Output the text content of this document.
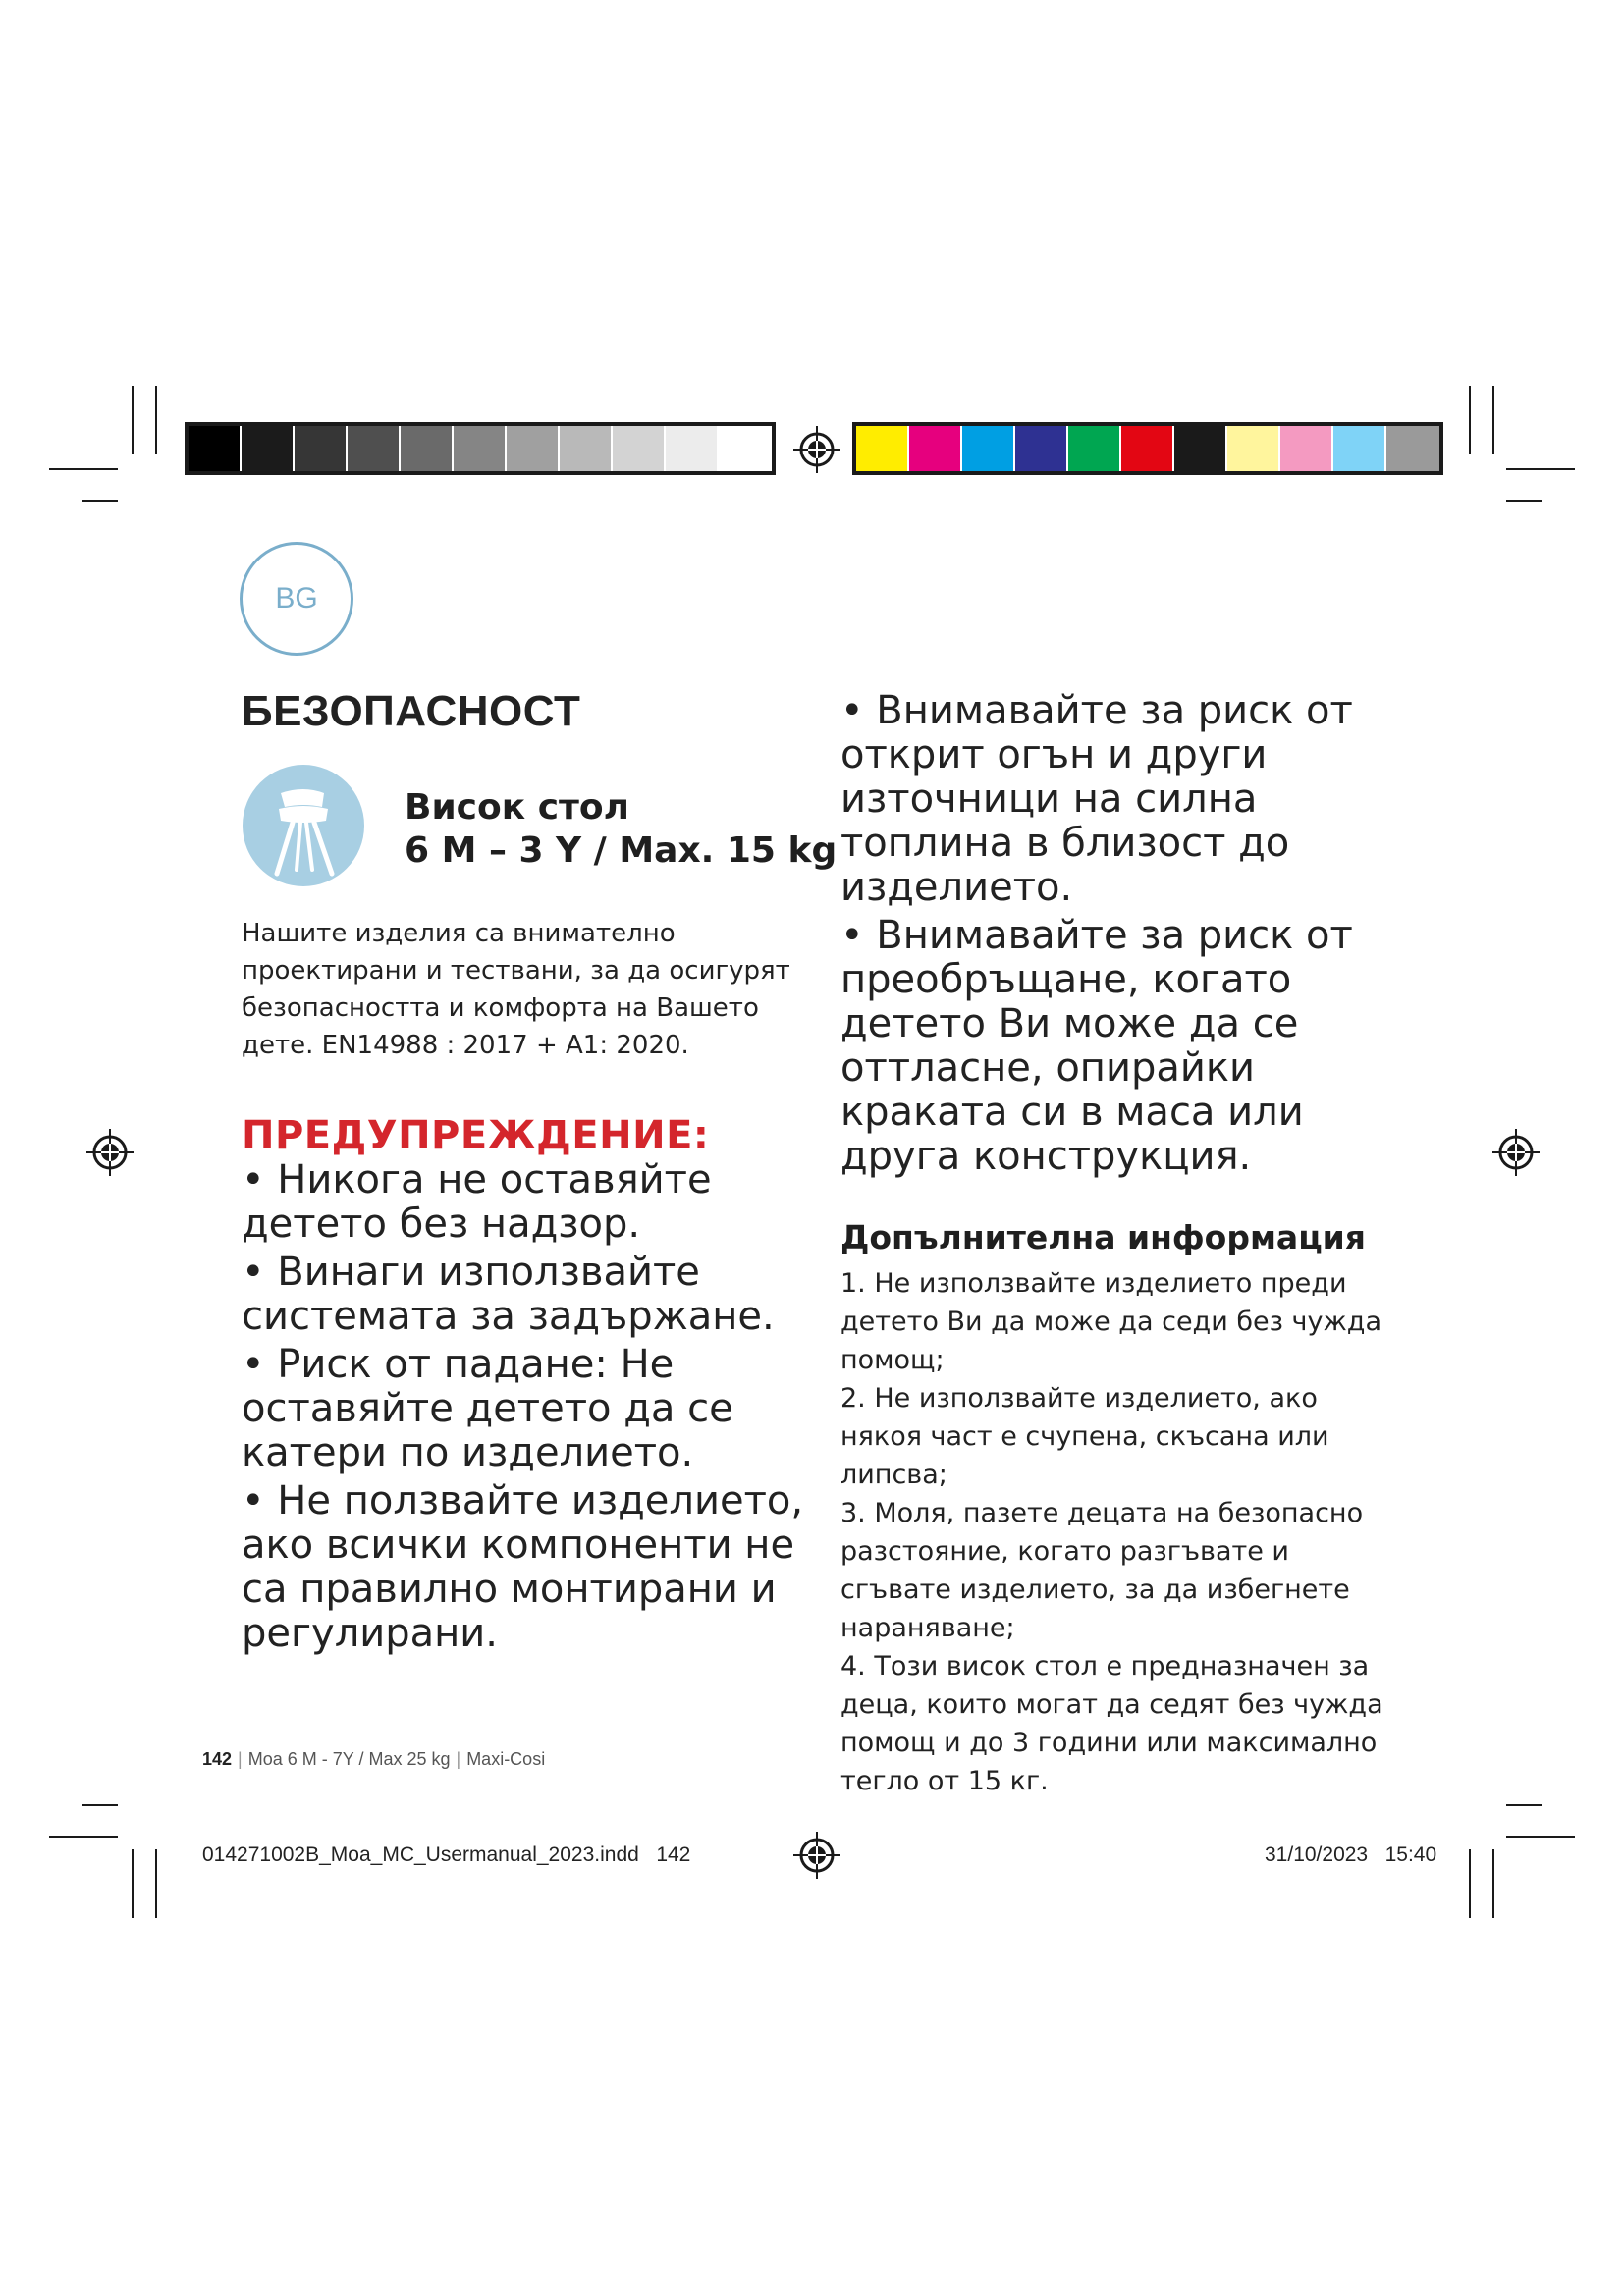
BG
БЕЗОПАСНОСТ
Висок стол
6 M – 3 Y / Max. 15 kg

Нашите изделия са внимателно проектирани и тествани, за да осигурят безопасността и комфорта на Вашето дете. EN14988 : 2017 + A1: 2020.

ПРЕДУПРЕЖДЕНИЕ:
• Никога не оставяйте детето без надзор.
• Винаги използвайте системата за задържане.
• Риск от падане: Не оставяйте детето да се катери по изделието.
• Не ползвайте изделието, ако всички компоненти не са правилно монтирани и регулирани.
• Внимавайте за риск от открит огън и други източници на силна топлина в близост до изделието.
• Внимавайте за риск от преобръщане, когато детето Ви може да се оттласне, опирайки краката си в маса или друга конструкция.
Допълнителна информация
1. Не използвайте изделието преди детето Ви да може да седи без чужда помощ;
2. Не използвайте изделието, ако някоя част е счупена, скъсана или липсва;
3. Моля, пазете децата на безопасно разстояние, когато разгъвате и сгъвате изделието, за да избегнете нараняване;
4. Този висок стол е предназначен за деца, които могат да седят без чужда помощ и до 3 години или максимално тегло от 15 кг.
142 | Moa 6 M - 7Y / Max 25 kg | Maxi-Cosi
014271002B_Moa_MC_Usermanual_2023.indd   142	31/10/2023   15:40
